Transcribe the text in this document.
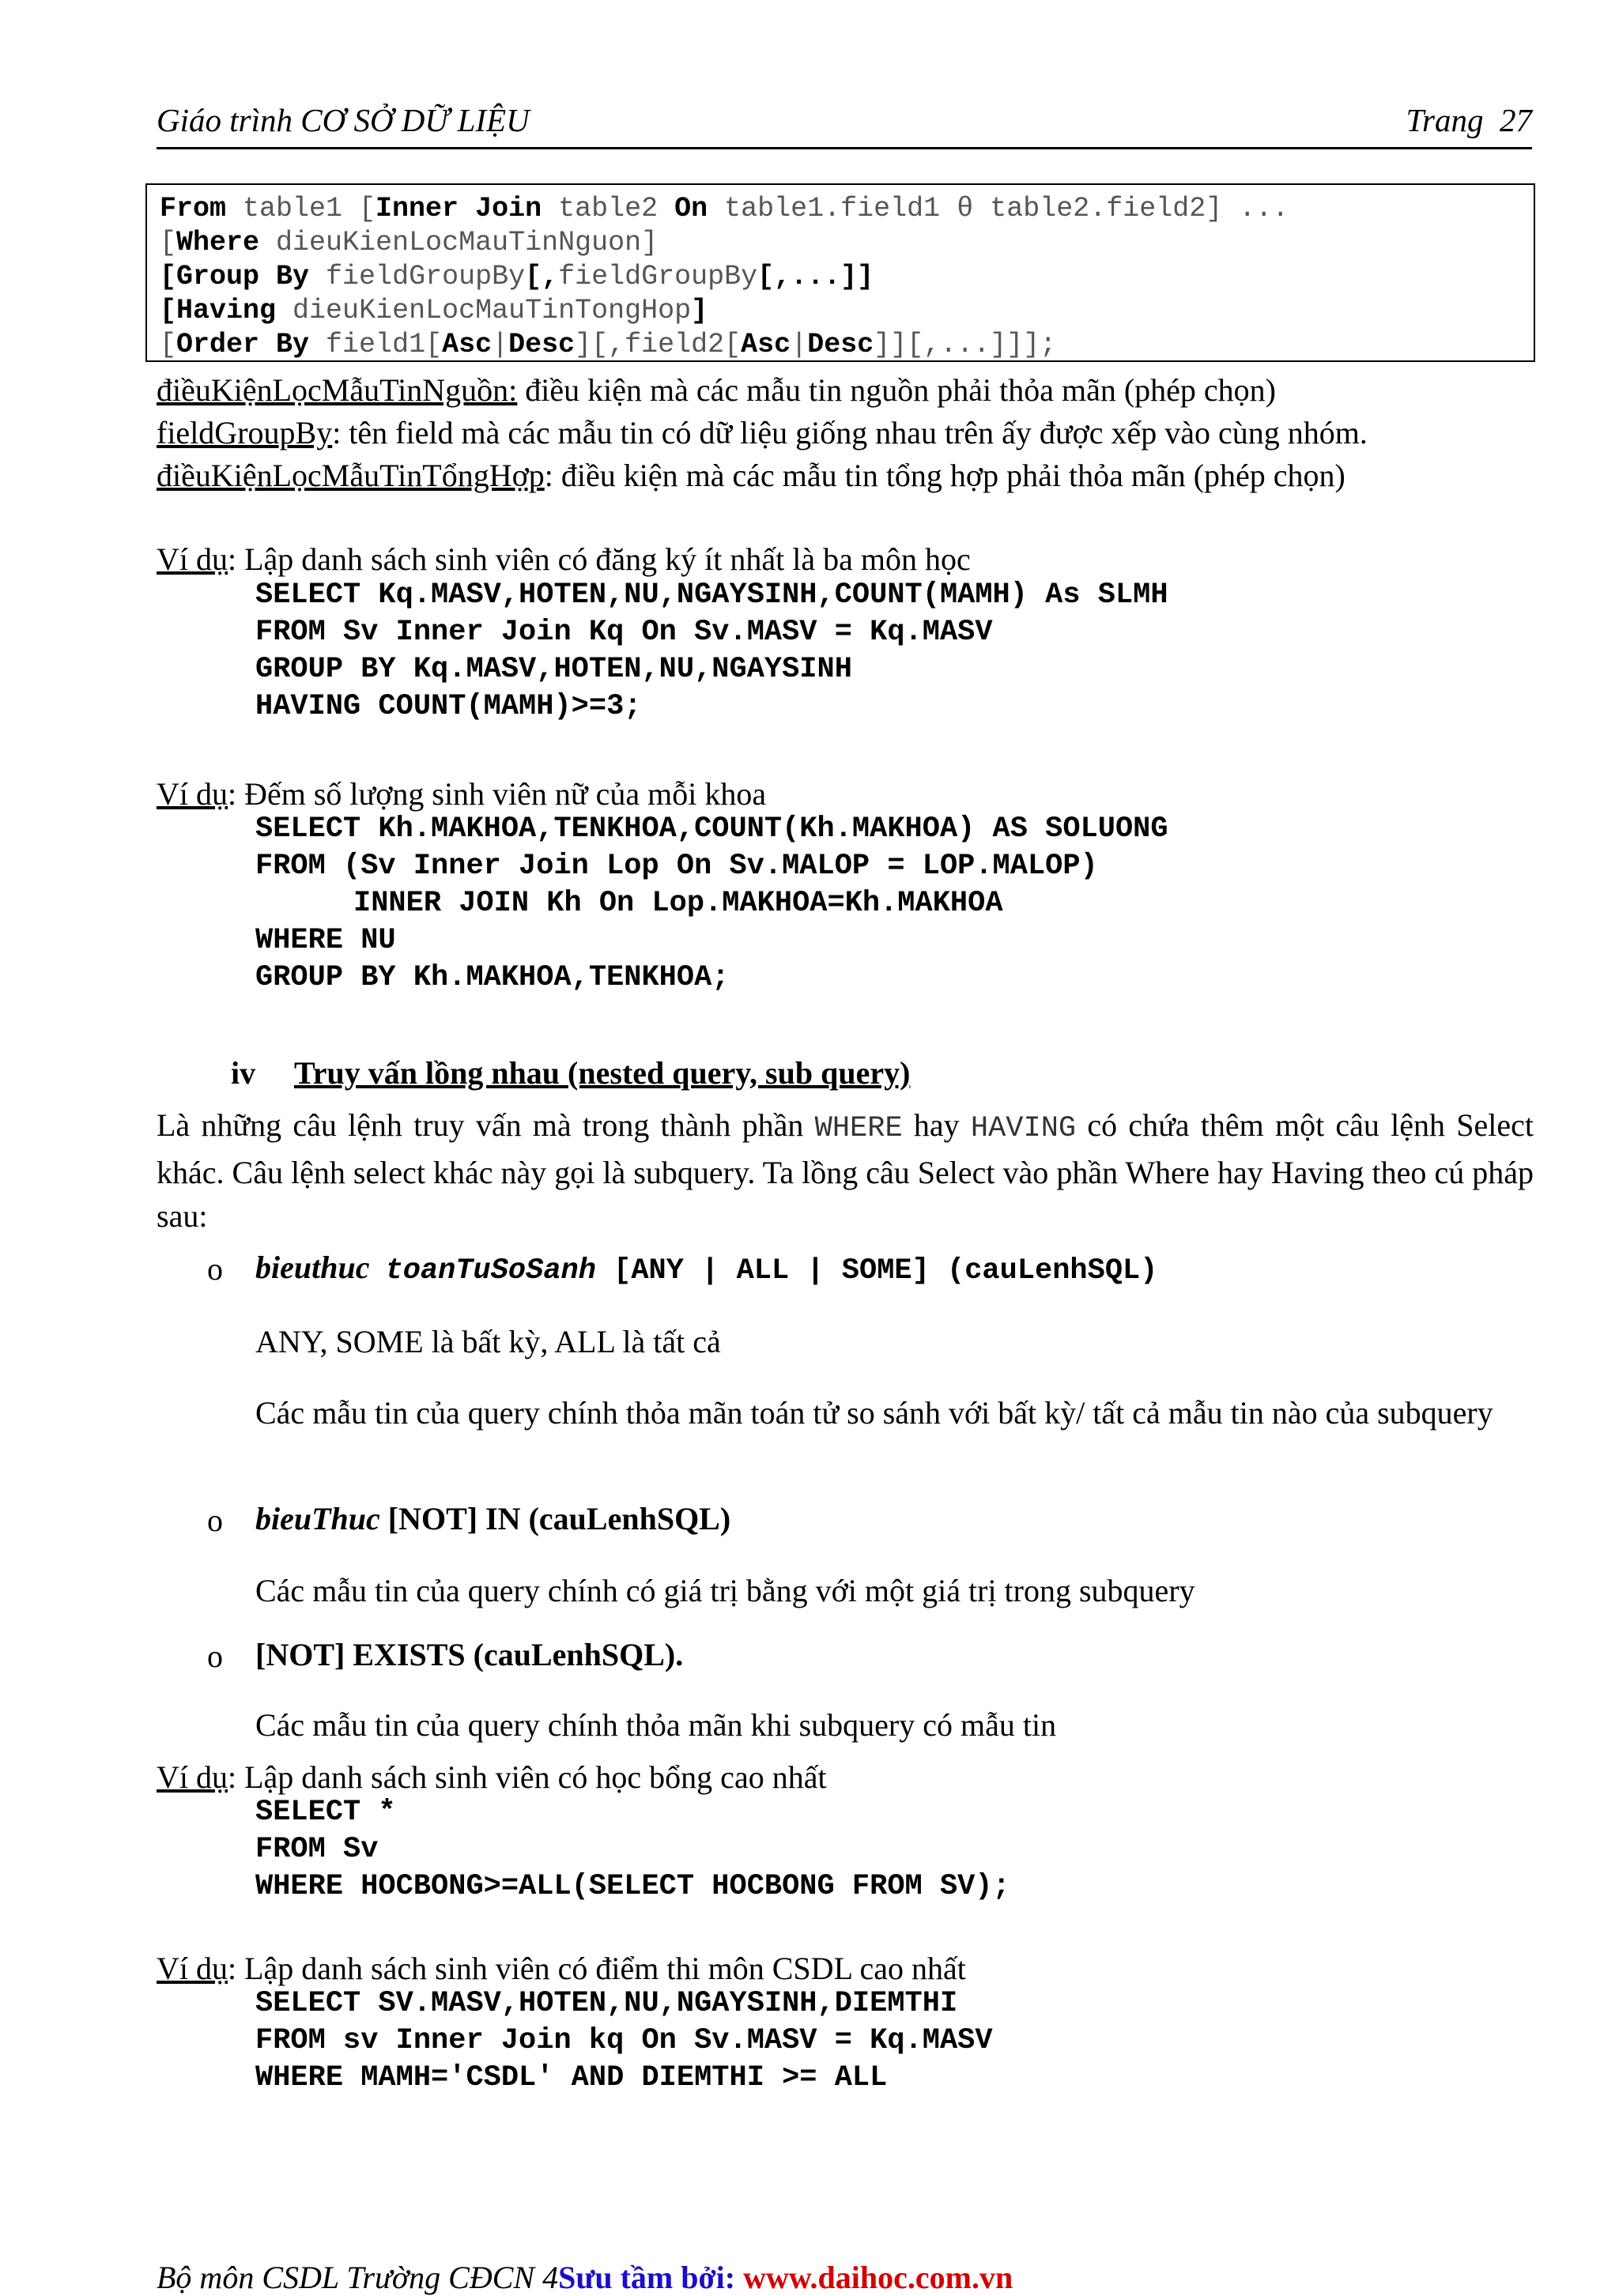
Giáo trình CƠ SỞ DỮ LIỆU	Trang 27
From table1 [Inner Join table2 On table1.field1 θ table2.field2] ...
[Where dieuKienLocMauTinNguon]
[Group By fieldGroupBy[,fieldGroupBy[,...]]
[Having dieuKienLocMauTinTongHop]
[Order By field1[Asc|Desc][,field2[Asc|Desc]][,...]]];
điềuKiệnLọcMẫuTinNguồn: điều kiện mà các mẫu tin nguồn phải thỏa mãn (phép chọn)
fieldGroupBy: tên field mà các mẫu tin có dữ liệu giống nhau trên ấy được xếp vào cùng nhóm.
điềuKiệnLọcMẫuTinTổngHợp: điều kiện mà các mẫu tin tổng hợp phải thỏa mãn (phép chọn)
Ví dụ: Lập danh sách sinh viên có đăng ký ít nhất là ba môn học
SELECT Kq.MASV,HOTEN,NU,NGAYSINH,COUNT(MAMH) As SLMH
FROM Sv Inner Join Kq On Sv.MASV = Kq.MASV
GROUP BY Kq.MASV,HOTEN,NU,NGAYSINH
HAVING COUNT(MAMH)>=3;
Ví dụ: Đếm số lượng sinh viên nữ của mỗi khoa
SELECT Kh.MAKHOA,TENKHOA,COUNT(Kh.MAKHOA) AS SOLUONG
FROM (Sv Inner Join Lop On Sv.MALOP = LOP.MALOP)
INNER JOIN Kh On Lop.MAKHOA=Kh.MAKHOA
WHERE NU
GROUP BY Kh.MAKHOA,TENKHOA;
iv Truy vấn lồng nhau (nested query, sub query)
Là những câu lệnh truy vấn mà trong thành phần WHERE hay HAVING có chứa thêm một câu lệnh Select khác. Câu lệnh select khác này gọi là subquery. Ta lồng câu Select vào phần Where hay Having theo cú pháp sau:
o bieuthuc toanTuSoSanh [ANY | ALL | SOME] (cauLenhSQL)
ANY, SOME là bất kỳ, ALL là tất cả
Các mẫu tin của query chính thỏa mãn toán tử so sánh với bất kỳ/ tất cả mẫu tin nào của subquery
o bieuThuc [NOT] IN (cauLenhSQL)
Các mẫu tin của query chính có giá trị bằng với một giá trị trong subquery
o [NOT] EXISTS (cauLenhSQL).
Các mẫu tin của query chính thỏa mãn khi subquery có mẫu tin
Ví dụ: Lập danh sách sinh viên có học bổng cao nhất
SELECT *
FROM Sv
WHERE HOCBONG>=ALL(SELECT HOCBONG FROM SV);
Ví dụ: Lập danh sách sinh viên có điểm thi môn CSDL cao nhất
SELECT SV.MASV,HOTEN,NU,NGAYSINH,DIEMTHI
FROM sv Inner Join kq On Sv.MASV = Kq.MASV
WHERE MAMH='CSDL' AND DIEMTHI >= ALL
Bộ môn CSDL Trường CĐCN 4Sưu tầm bởi: www.daihoc.com.vn
